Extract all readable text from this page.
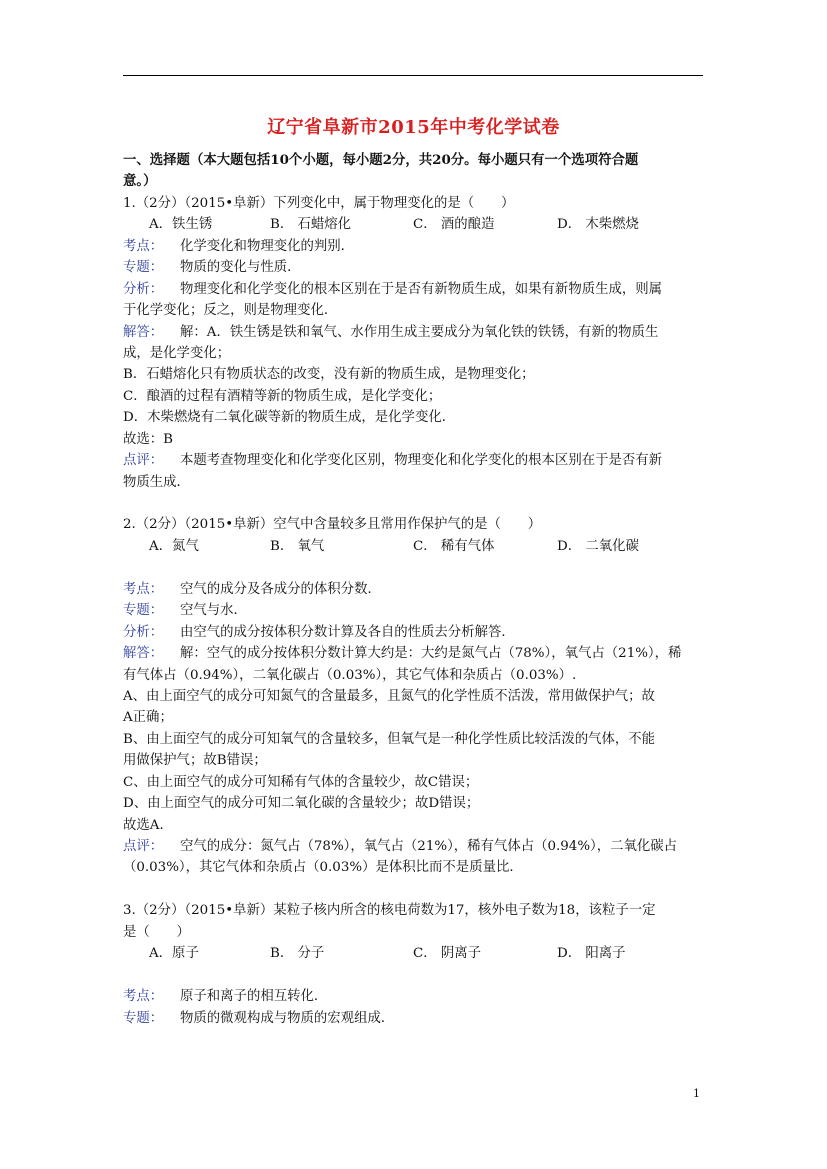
辽宁省阜新市2015年中考化学试卷
一、选择题（本大题包括10个小题，每小题2分，共20分。每小题只有一个选项符合题
意。）
1.（2分）（2015•阜新）下列变化中，属于物理变化的是（　　）
A．铁生锈	B． 石蜡熔化	C． 酒的酿造	D． 木柴燃烧
考点： 化学变化和物理变化的判别．
专题： 物质的变化与性质．
分析： 物理变化和化学变化的根本区别在于是否有新物质生成，如果有新物质生成，则属
于化学变化；反之，则是物理变化．
解答： 解：A．铁生锈是铁和氧气、水作用生成主要成分为氧化铁的铁锈，有新的物质生
成，是化学变化；
B．石蜡熔化只有物质状态的改变，没有新的物质生成，是物理变化；
C．酿酒的过程有酒精等新的物质生成，是化学变化；
D．木柴燃烧有二氧化碳等新的物质生成，是化学变化．
故选：B
点评： 本题考查物理变化和化学变化区别，物理变化和化学变化的根本区别在于是否有新
物质生成．
2.（2分）（2015•阜新）空气中含量较多且常用作保护气的是（　　）
A．氮气	B． 氧气	C． 稀有气体	D． 二氧化碳
考点： 空气的成分及各成分的体积分数．
专题： 空气与水．
分析： 由空气的成分按体积分数计算及各自的性质去分析解答．
解答： 解：空气的成分按体积分数计算大约是：大约是氮气占（78%），氧气占（21%），稀
有气体占（0.94%），二氧化碳占（0.03%），其它气体和杂质占（0.03%）.
A、由上面空气的成分可知氮气的含量最多，且氮气的化学性质不活泼，常用做保护气；故
A正确；
B、由上面空气的成分可知氧气的含量较多，但氧气是一种化学性质比较活泼的气体，不能
用做保护气；故B错误；
C、由上面空气的成分可知稀有气体的含量较少，故C错误；
D、由上面空气的成分可知二氧化碳的含量较少；故D错误；
故选A．
点评： 空气的成分：氮气占（78%），氧气占（21%），稀有气体占（0.94%），二氧化碳占
（0.03%），其它气体和杂质占（0.03%）是体积比而不是质量比．
3.（2分）（2015•阜新）某粒子核内所含的核电荷数为17，核外电子数为18，该粒子一定
是（　　）
A．原子	B． 分子	C． 阴离子	D． 阳离子
考点： 原子和离子的相互转化．
专题： 物质的微观构成与物质的宏观组成．
1
